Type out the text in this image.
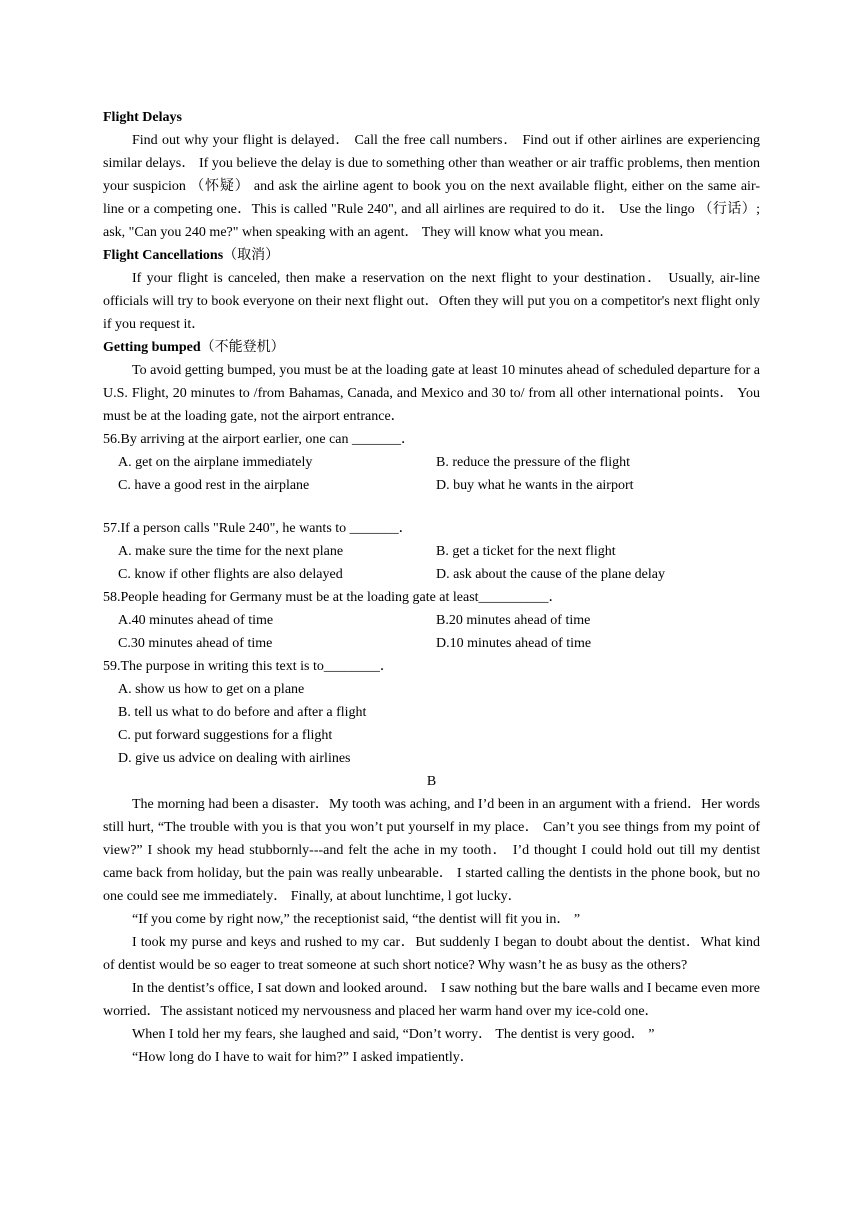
Flight Delays

Find out why your flight is delayed． Call the free call numbers． Find out if other airlines are experiencing similar delays． If you believe the delay is due to something other than weather or air traffic problems, then mention your suspicion （怀疑） and ask the airline agent to book you on the next available flight, either on the same air-line or a competing one．This is called "Rule 240", and all airlines are required to do it． Use the lingo （行话）; ask, "Can you 240 me?" when speaking with an agent． They will know what you mean．

Flight Cancellations（取消）

If your flight is canceled, then make a reservation on the next flight to your destination． Usually, air-line officials will try to book everyone on their next flight out．Often they will put you on a competitor's next flight only if you request it．

Getting bumped（不能登机）

To avoid getting bumped, you must be at the loading gate at least 10 minutes ahead of scheduled departure for a U.S. Flight, 20 minutes to /from Bahamas, Canada, and Mexico and 30 to/ from all other international points． You must be at the loading gate, not the airport entrance．

56.By arriving at the airport earlier, one can _______．

A. get on the airplane immediately	B. reduce the pressure of the flight

C. have a good rest in the airplane	D. buy what he wants in the airport

57.If a person calls "Rule 240", he wants to _______．

A. make sure the time for the next plane	B. get a ticket for the next flight

C. know if other flights are also delayed	D. ask about the cause of the plane delay

58.People heading for Germany must be at the loading gate at least__________．

A.40 minutes ahead of time	B.20 minutes ahead of time

C.30 minutes ahead of time	D.10 minutes ahead of time

59.The purpose in writing this text is to________．

A. show us how to get on a plane

B. tell us what to do before and after a flight

C. put forward suggestions for a flight

D. give us advice on dealing with airlines

B

The morning had been a disaster．My tooth was aching, and I’d been in an argument with a friend．Her words still hurt, “The trouble with you is that you won’t put yourself in my place． Can’t you see things from my point of view?” I shook my head stubbornly---and felt the ache in my tooth． I’d thought I could hold out till my dentist came back from holiday, but the pain was really unbearable． I started calling the dentists in the phone book, but no one could see me immediately． Finally, at about lunchtime, l got lucky．

“If you come by right now,” the receptionist said, “the dentist will fit you in． ”

I took my purse and keys and rushed to my car．But suddenly I began to doubt about the dentist．What kind of dentist would be so eager to treat someone at such short notice? Why wasn’t he as busy as the others?

In the dentist’s office, I sat down and looked around． I saw nothing but the bare walls and I became even more worried．The assistant noticed my nervousness and placed her warm hand over my ice-cold one．

When I told her my fears, she laughed and said, “Don’t worry． The dentist is very good． ”

“How long do I have to wait for him?” I asked impatiently．
